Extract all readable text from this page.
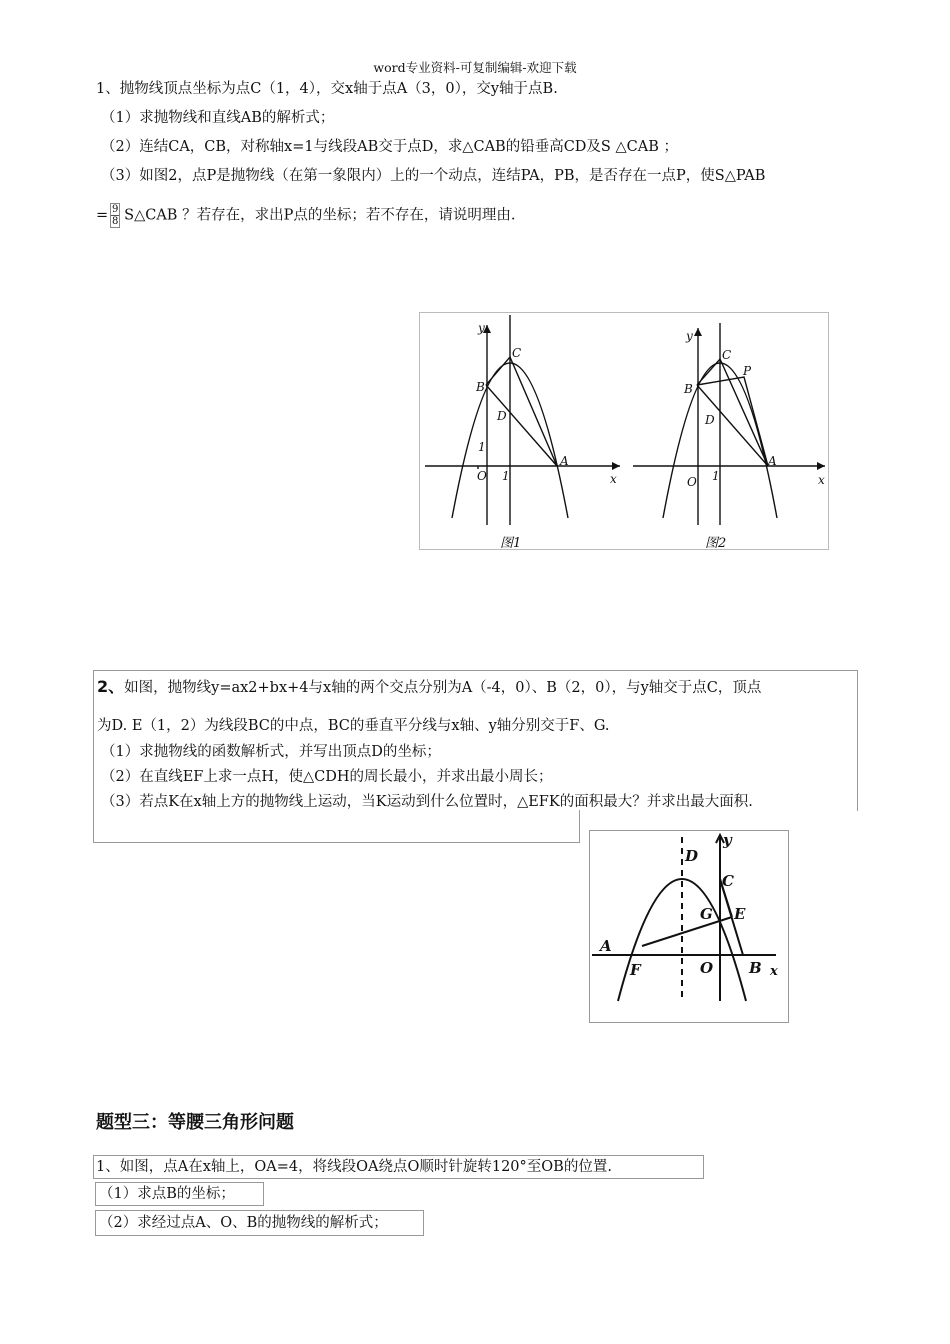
word专业资料-可复制编辑-欢迎下载
1、抛物线顶点坐标为点C（1，4），交x轴于点A（3，0），交y轴于点B.
（1）求抛物线和直线AB的解析式；
（2）连结CA，CB，对称轴x=1与线段AB交于点D，求△CAB的铅垂高CD及S △CAB ；
（3）如图2，点P是抛物线（在第一象限内）上的一个动点，连结PA，PB，是否存在一点P，使S△PAB
= $\frac{9}{8}$ S△CAB ？若存在，求出P点的坐标；若不存在，请说明理由.
y
x
C
B
D
A
O 1
1
图1
y
x
C
P
B
D
A
O 1
图2
2、如图，抛物线y=ax2+bx+4与x轴的两个交点分别为A（-4，0）、B（2，0），与y轴交于点C，顶点
为D. E（1，2）为线段BC的中点，BC的垂直平分线与x轴、y轴分别交于F、G.
（1）求抛物线的函数解析式，并写出顶点D的坐标；
（2）在直线EF上求一点H，使△CDH的周长最小，并求出最小周长；
（3）若点K在x轴上方的抛物线上运动，当K运动到什么位置时，△EFK的面积最大？并求出最大面积.
D
y
C
G E
A
F	O B x
题型三：等腰三角形问题
1、如图，点A在x轴上，OA=4，将线段OA绕点O顺时针旋转120°至OB的位置.
（1）求点B的坐标；
（2）求经过点A、O、B的抛物线的解析式；
